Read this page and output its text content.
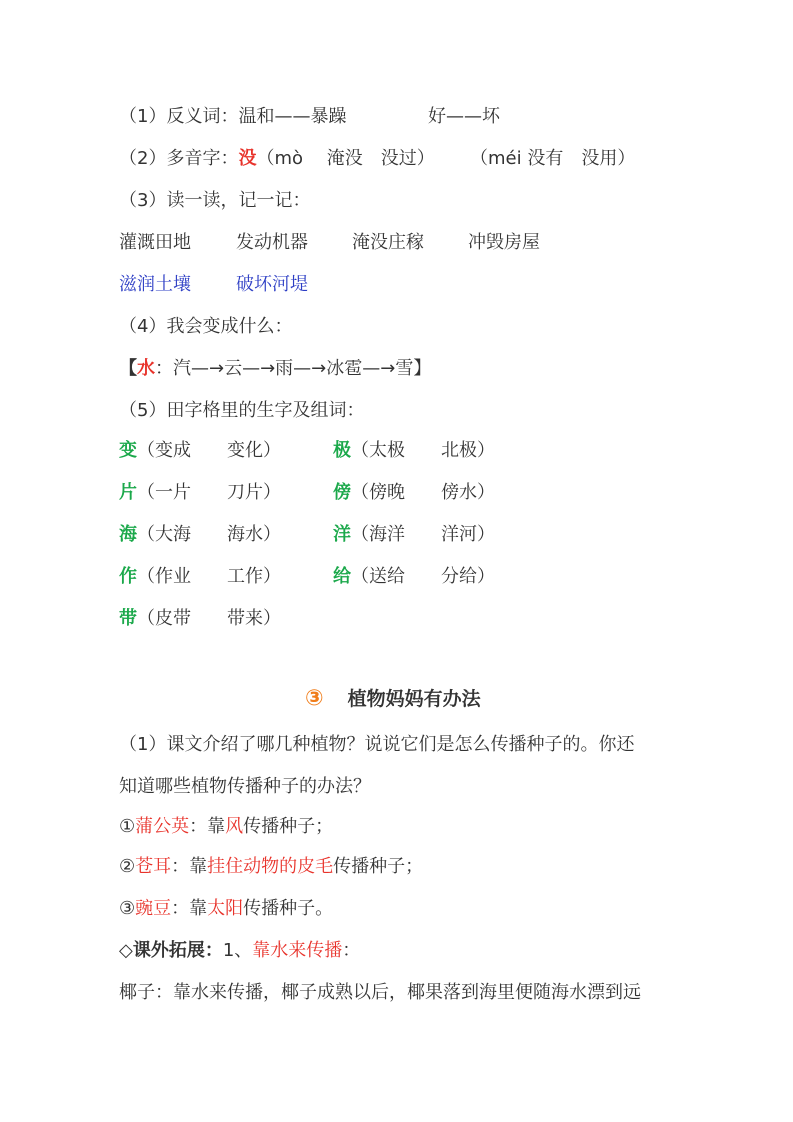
（1）反义词：温和——暴躁	好——坏
（2）多音字：没（mò　 淹没　没过） （méi 没有　没用）
（3）读一读，记一记：
灌溉田地	发动机器 淹没庄稼 冲毁房屋
滋润土壤	破坏河堤
（4）我会变成什么：
【水：汽—→云—→雨—→冰雹—→雪】
（5）田字格里的生字及组词：
变（变成　　变化）	极（太极　　北极）
片（一片　　刀片）	傍（傍晚　　傍水）
海（大海　　海水）	洋（海洋　　洋河）
作（作业　　工作）	给（送给　　分给）
带（皮带　　带来）
③ 植物妈妈有办法
（1）课文介绍了哪几种植物？说说它们是怎么传播种子的。你还
知道哪些植物传播种子的办法？
①蒲公英：靠风传播种子；
②苍耳：靠挂住动物的皮毛传播种子；
③豌豆：靠太阳传播种子。
◇课外拓展：1、靠水来传播：
椰子：靠水来传播，椰子成熟以后，椰果落到海里便随海水漂到远
